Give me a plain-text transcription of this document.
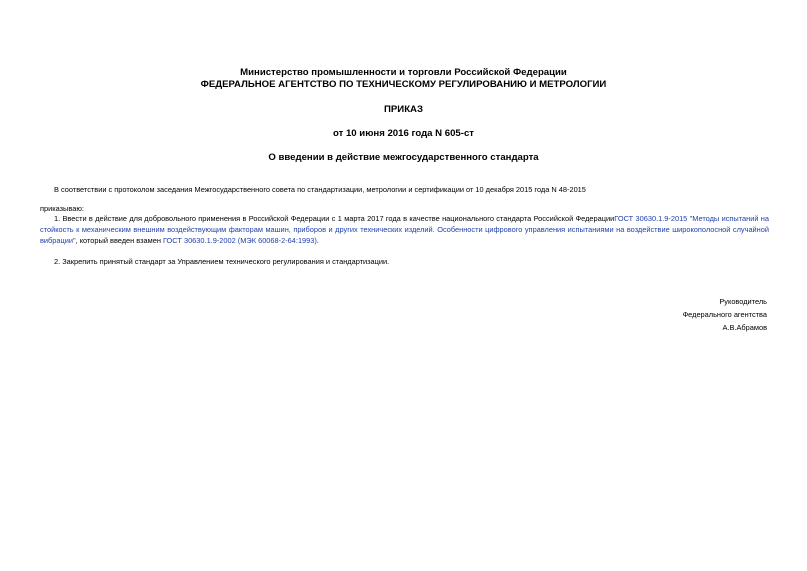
Министерство промышленности и торговли Российской Федерации
ФЕДЕРАЛЬНОЕ АГЕНТСТВО ПО ТЕХНИЧЕСКОМУ РЕГУЛИРОВАНИЮ И МЕТРОЛОГИИ
ПРИКАЗ
от 10 июня 2016 года N 605-ст
О введении в действие межгосударственного стандарта
В соответствии с протоколом заседания Межгосударственного совета по стандартизации, метрологии и сертификации от 10 декабря 2015 года N 48-2015
приказываю:
1. Ввести в действие для добровольного применения в Российской Федерации с 1 марта 2017 года в качестве национального стандарта Российской ФедерацииГОСТ 30630.1.9-2015 "Методы испытаний на стойкость к механическим внешним воздействующим факторам машин, приборов и других технических изделий. Особенности цифрового управления испытаниями на воздействие широкополосной случайной вибрации", который введен взамен ГОСТ 30630.1.9-2002 (МЭК 60068-2-64:1993).
2. Закрепить принятый стандарт за Управлением технического регулирования и стандартизации.
Руководитель
Федерального агентства
А.В.Абрамов
